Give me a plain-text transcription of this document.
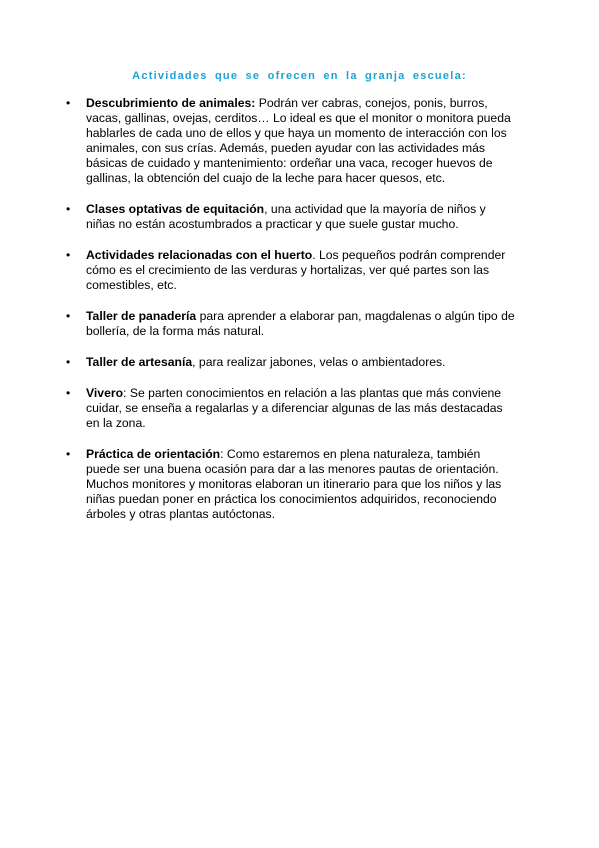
Actividades que se ofrecen en la granja escuela:
• Descubrimiento de animales: Podrán ver cabras, conejos, ponis, burros, vacas, gallinas, ovejas, cerditos… Lo ideal es que el monitor o monitora pueda hablarles de cada uno de ellos y que haya un momento de interacción con los animales, con sus crías. Además, pueden ayudar con las actividades más básicas de cuidado y mantenimiento: ordeñar una vaca, recoger huevos de gallinas, la obtención del cuajo de la leche para hacer quesos, etc.
• Clases optativas de equitación, una actividad que la mayoría de niños y niñas no están acostumbrados a practicar y que suele gustar mucho.
• Actividades relacionadas con el huerto. Los pequeños podrán comprender cómo es el crecimiento de las verduras y hortalizas, ver qué partes son las comestibles, etc.
• Taller de panadería para aprender a elaborar pan, magdalenas o algún tipo de bollería, de la forma más natural.
• Taller de artesanía, para realizar jabones, velas o ambientadores.
• Vivero: Se parten conocimientos en relación a las plantas que más conviene cuidar, se enseña a regalarlas y a diferenciar algunas de las más destacadas en la zona.
• Práctica de orientación: Como estaremos en plena naturaleza, también puede ser una buena ocasión para dar a las menores pautas de orientación. Muchos monitores y monitoras elaboran un itinerario para que los niños y las niñas puedan poner en práctica los conocimientos adquiridos, reconociendo árboles y otras plantas autóctonas.
